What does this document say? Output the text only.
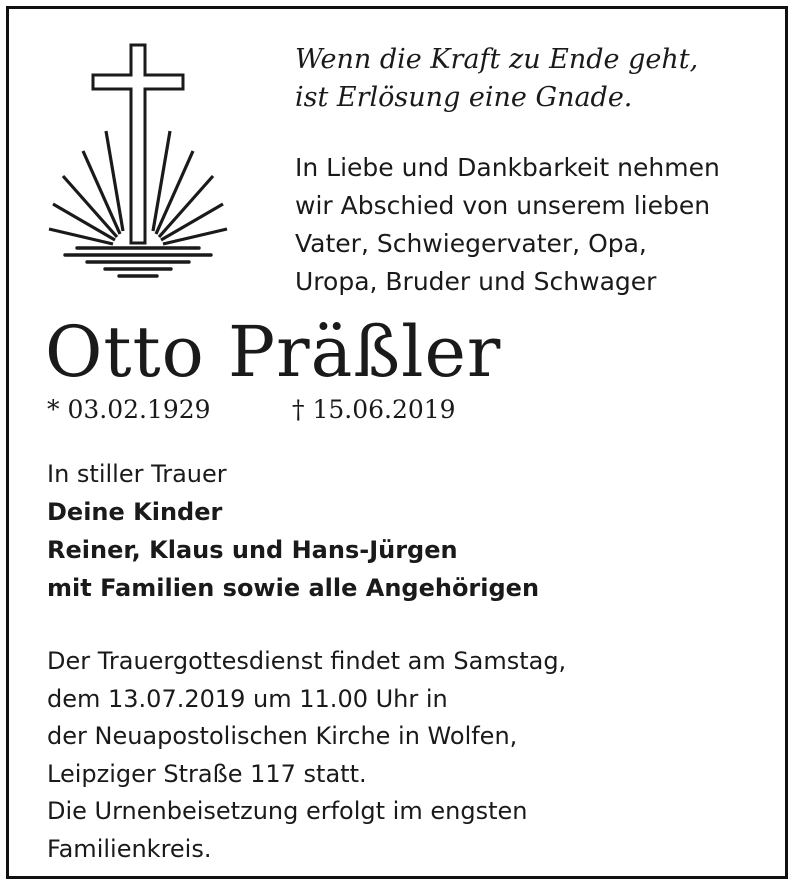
Wenn die Kraft zu Ende geht,
ist Erlösung eine Gnade.
In Liebe und Dankbarkeit nehmen
wir Abschied von unserem lieben
Vater, Schwiegervater, Opa,
Uropa, Bruder und Schwager
Otto Präßler
* 03.02.1929	† 15.06.2019
In stiller Trauer
Deine Kinder
Reiner, Klaus und Hans-Jürgen
mit Familien sowie alle Angehörigen
Der Trauergottesdienst findet am Samstag,
dem 13.07.2019 um 11.00 Uhr in
der Neuapostolischen Kirche in Wolfen,
Leipziger Straße 117 statt.
Die Urnenbeisetzung erfolgt im engsten
Familienkreis.
